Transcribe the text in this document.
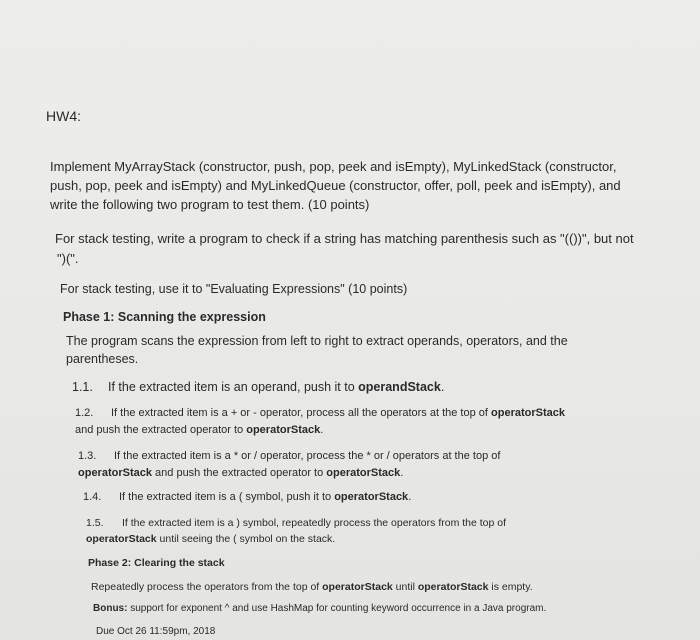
HW4:
Implement MyArrayStack (constructor, push, pop, peek and isEmpty), MyLinkedStack (constructor,
push, pop, peek and isEmpty) and MyLinkedQueue (constructor, offer, poll, peek and isEmpty), and
write the following two program to test them. (10 points)
For stack testing, write a program to check if a string has matching parenthesis such as "(())", but not
")(".
For stack testing, use it to "Evaluating Expressions" (10 points)
Phase 1: Scanning the expression
The program scans the expression from left to right to extract operands, operators, and the
parentheses.
1.1. If the extracted item is an operand, push it to operandStack.
1.2. If the extracted item is a + or - operator, process all the operators at the top of operatorStack
and push the extracted operator to operatorStack.
1.3. If the extracted item is a * or / operator, process the * or / operators at the top of
operatorStack and push the extracted operator to operatorStack.
1.4. If the extracted item is a ( symbol, push it to operatorStack.
1.5. If the extracted item is a ) symbol, repeatedly process the operators from the top of
operatorStack until seeing the ( symbol on the stack.
Phase 2: Clearing the stack
Repeatedly process the operators from the top of operatorStack until operatorStack is empty.
Bonus: support for exponent ^ and use HashMap for counting keyword occurrence in a Java program.
Due Oct 26 11:59pm, 2018
